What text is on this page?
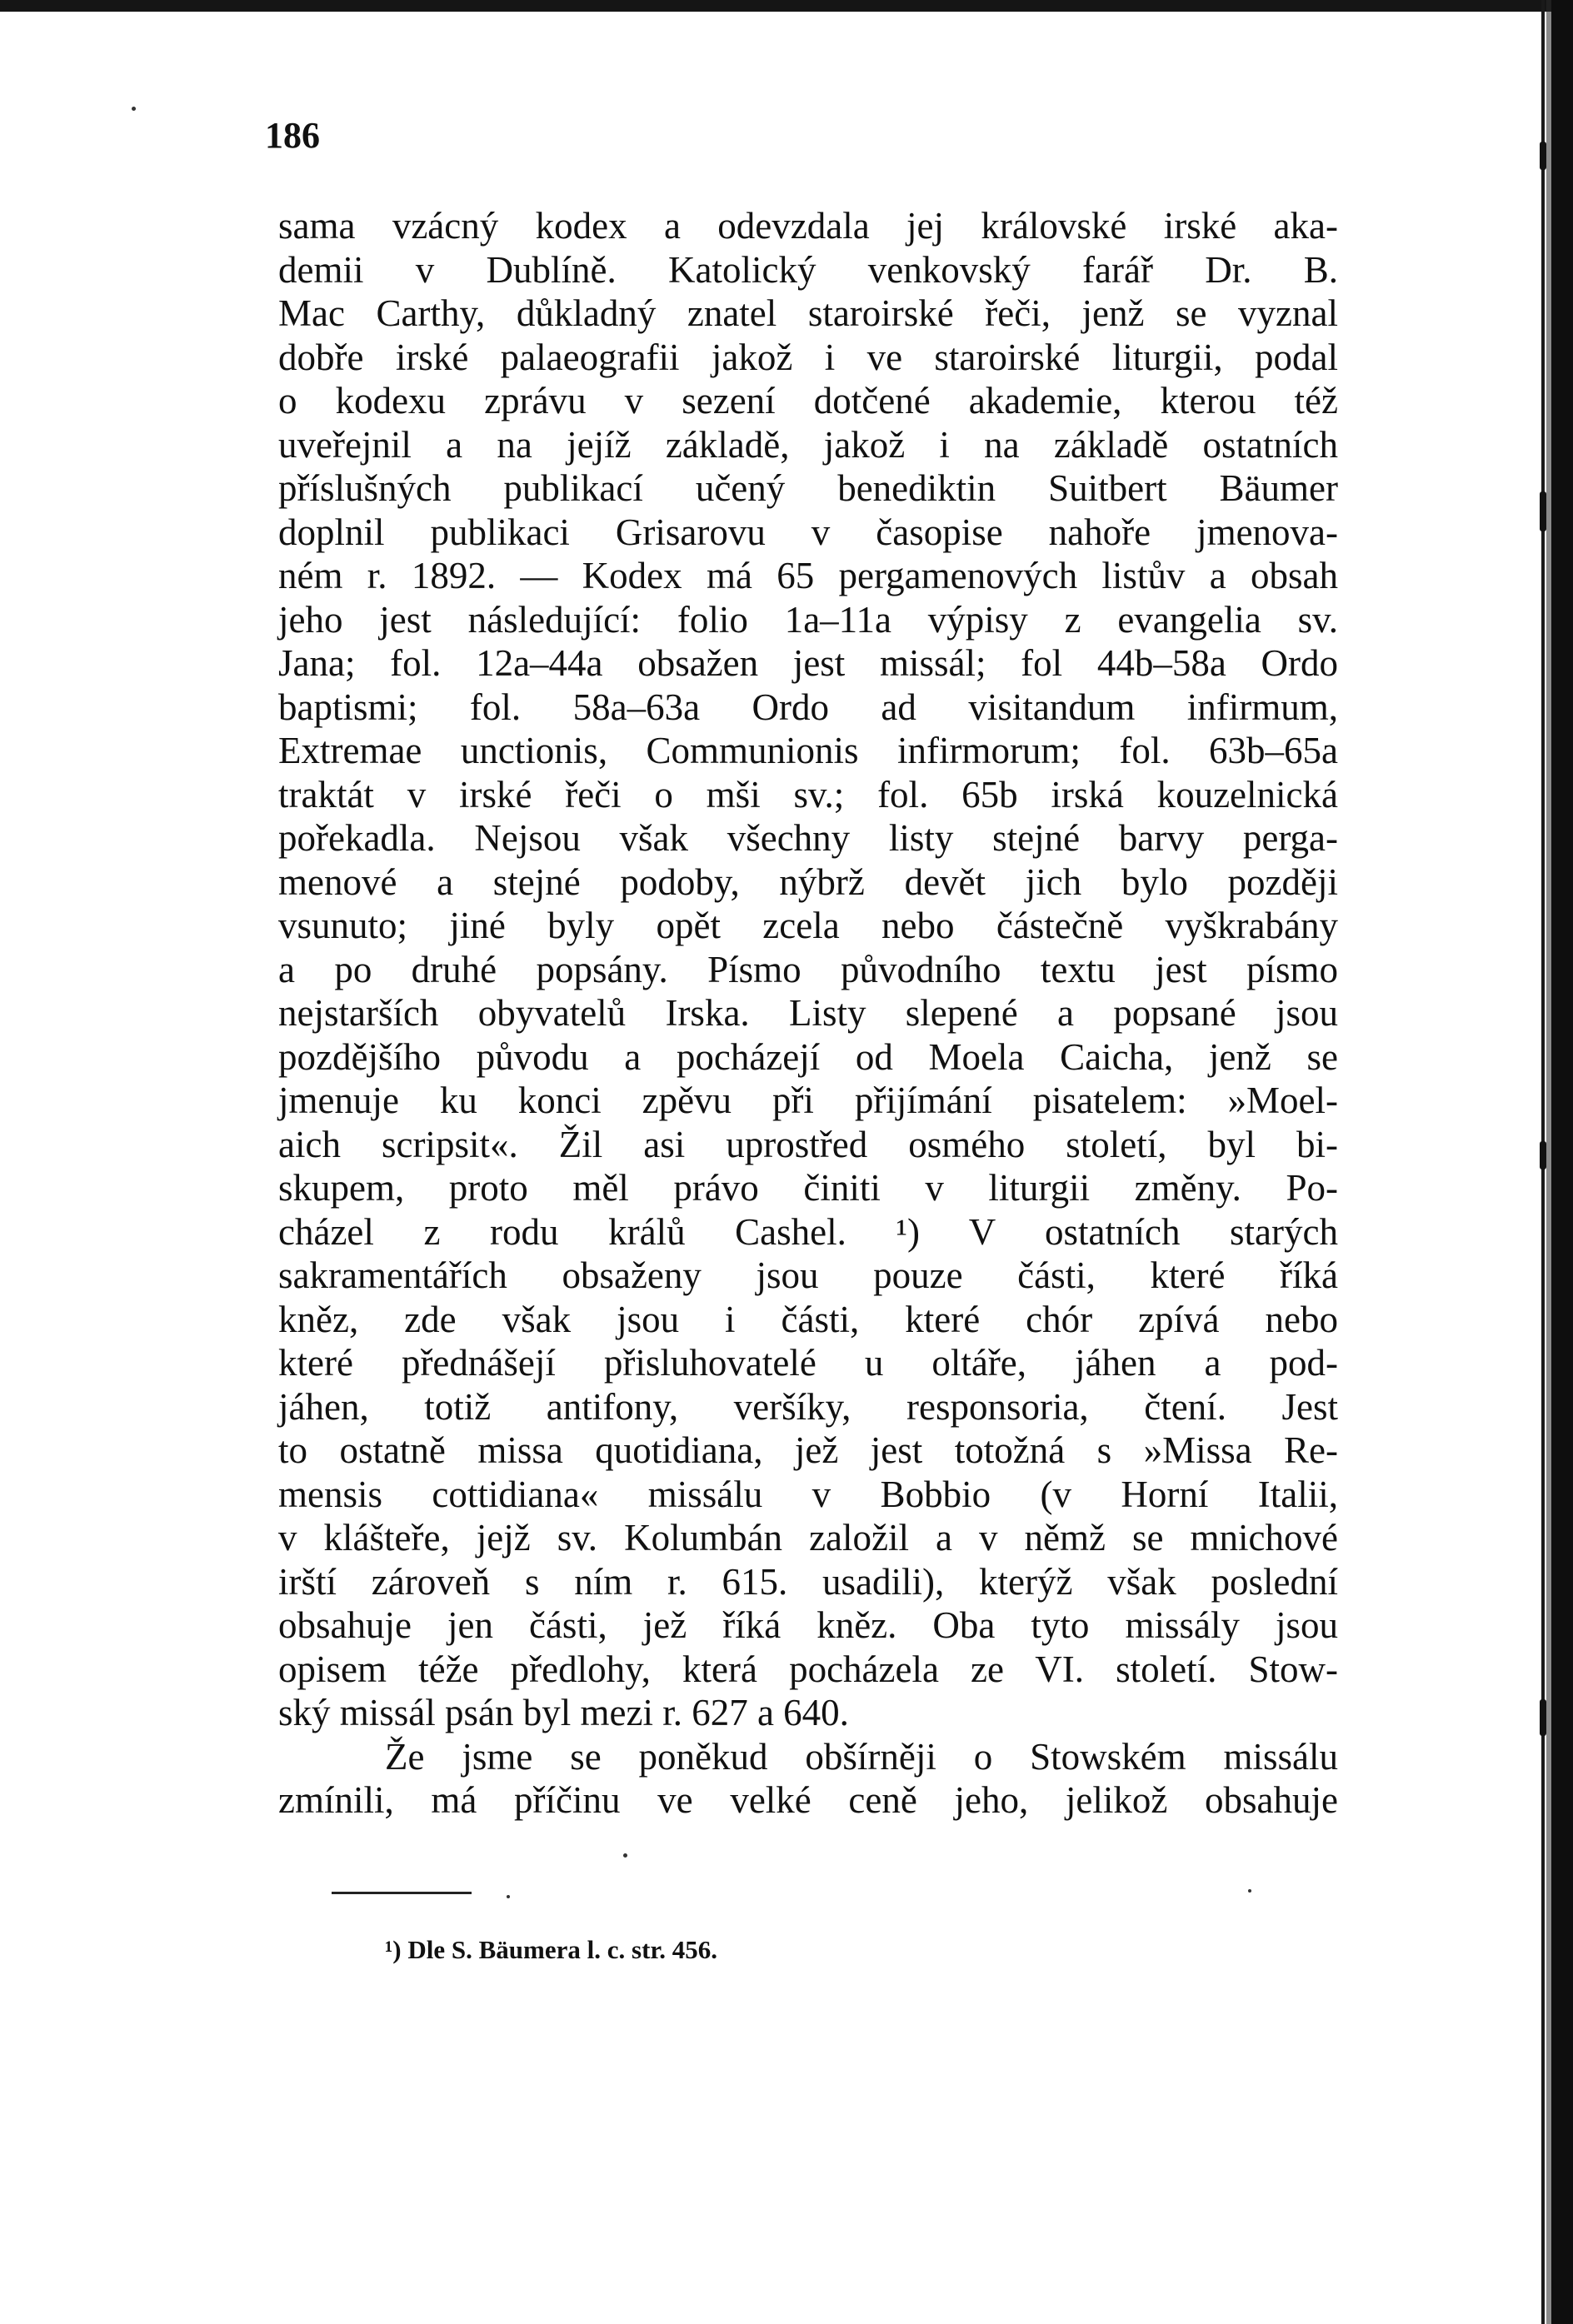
186
sama vzácný kodex a odevzdala jej královské irské aka-
demii v Dublíně. Katolický venkovský farář Dr. B.
Mac Carthy, důkladný znatel staroirské řeči, jenž se vyznal
dobře irské palaeografii jakož i ve staroirské liturgii, podal
o kodexu zprávu v sezení dotčené akademie, kterou též
uveřejnil a na jejíž základě, jakož i na základě ostatních
příslušných publikací učený benediktin Suitbert Bäumer
doplnil publikaci Grisarovu v časopise nahoře jmenova-
ném r. 1892. — Kodex má 65 pergamenových listův a obsah
jeho jest následující: folio 1a–11a výpisy z evangelia sv.
Jana; fol. 12a–44a obsažen jest missál; fol 44b–58a Ordo
baptismi; fol. 58a–63a Ordo ad visitandum infirmum,
Extremae unctionis, Communionis infirmorum; fol. 63b–65a
traktát v irské řeči o mši sv.; fol. 65b irská kouzelnická
pořekadla. Nejsou však všechny listy stejné barvy perga-
menové a stejné podoby, nýbrž devět jich bylo později
vsunuto; jiné byly opět zcela nebo částečně vyškrabány
a po druhé popsány. Písmo původního textu jest písmo
nejstarších obyvatelů Irska. Listy slepené a popsané jsou
pozdějšího původu a pocházejí od Moela Caicha, jenž se
jmenuje ku konci zpěvu při přijímání pisatelem: »Moel-
aich scripsit«. Žil asi uprostřed osmého století, byl bi-
skupem, proto měl právo činiti v liturgii změny. Po-
cházel z rodu králů Cashel. ¹) V ostatních starých
sakramentářích obsaženy jsou pouze části, které říká
kněz, zde však jsou i části, které chór zpívá nebo
které přednášejí přisluhovatelé u oltáře, jáhen a pod-
jáhen, totiž antifony, veršíky, responsoria, čtení. Jest
to ostatně missa quotidiana, jež jest totožná s »Missa Re-
mensis cottidiana« missálu v Bobbio (v Horní Italii,
v klášteře, jejž sv. Kolumbán založil a v němž se mnichové
irští zároveň s ním r. 615. usadili), kterýž však poslední
obsahuje jen části, jež říká kněz. Oba tyto missály jsou
opisem téže předlohy, která pocházela ze VI. století. Stow-
ský missál psán byl mezi r. 627 a 640.
Že jsme se poněkud obšírněji o Stowském missálu
zmínili, má příčinu ve velké ceně jeho, jelikož obsahuje
¹) Dle S. Bäumera l. c. str. 456.
